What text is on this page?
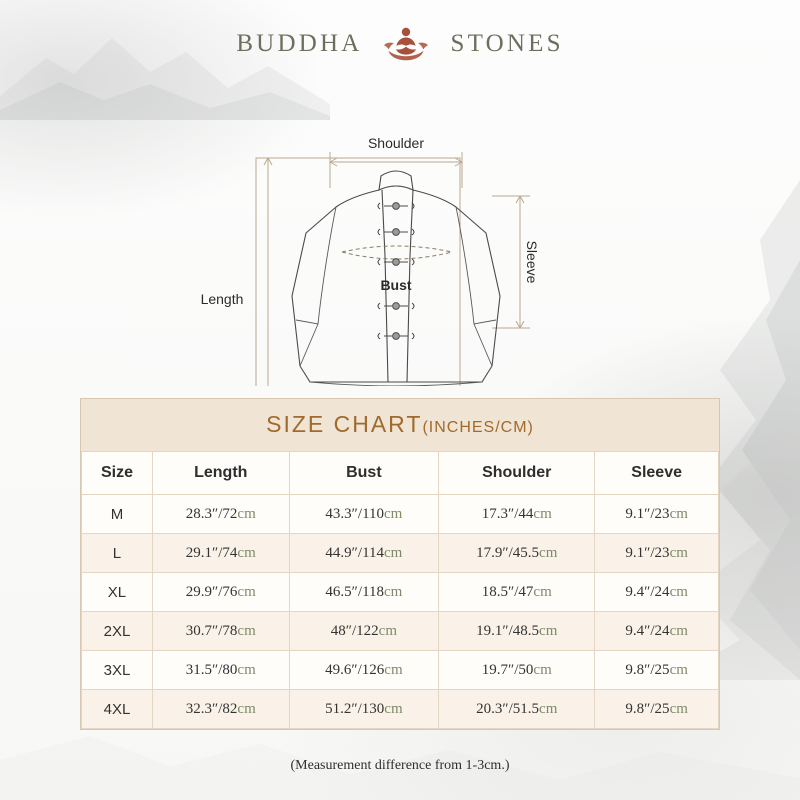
BUDDHA	STONES
Shoulder
Length
Sleeve
Bust
SIZE CHART(INCHES/CM)
Size	Length	Bust	Shoulder	Sleeve
M	28.3″/72cm	43.3″/110cm	17.3″/44cm	9.1″/23cm
L	29.1″/74cm	44.9″/114cm	17.9″/45.5cm	9.1″/23cm
XL	29.9″/76cm	46.5″/118cm	18.5″/47cm	9.4″/24cm
2XL	30.7″/78cm	48″/122cm	19.1″/48.5cm	9.4″/24cm
3XL	31.5″/80cm	49.6″/126cm	19.7″/50cm	9.8″/25cm
4XL	32.3″/82cm	51.2″/130cm	20.3″/51.5cm	9.8″/25cm
(Measurement difference from 1-3cm.)
